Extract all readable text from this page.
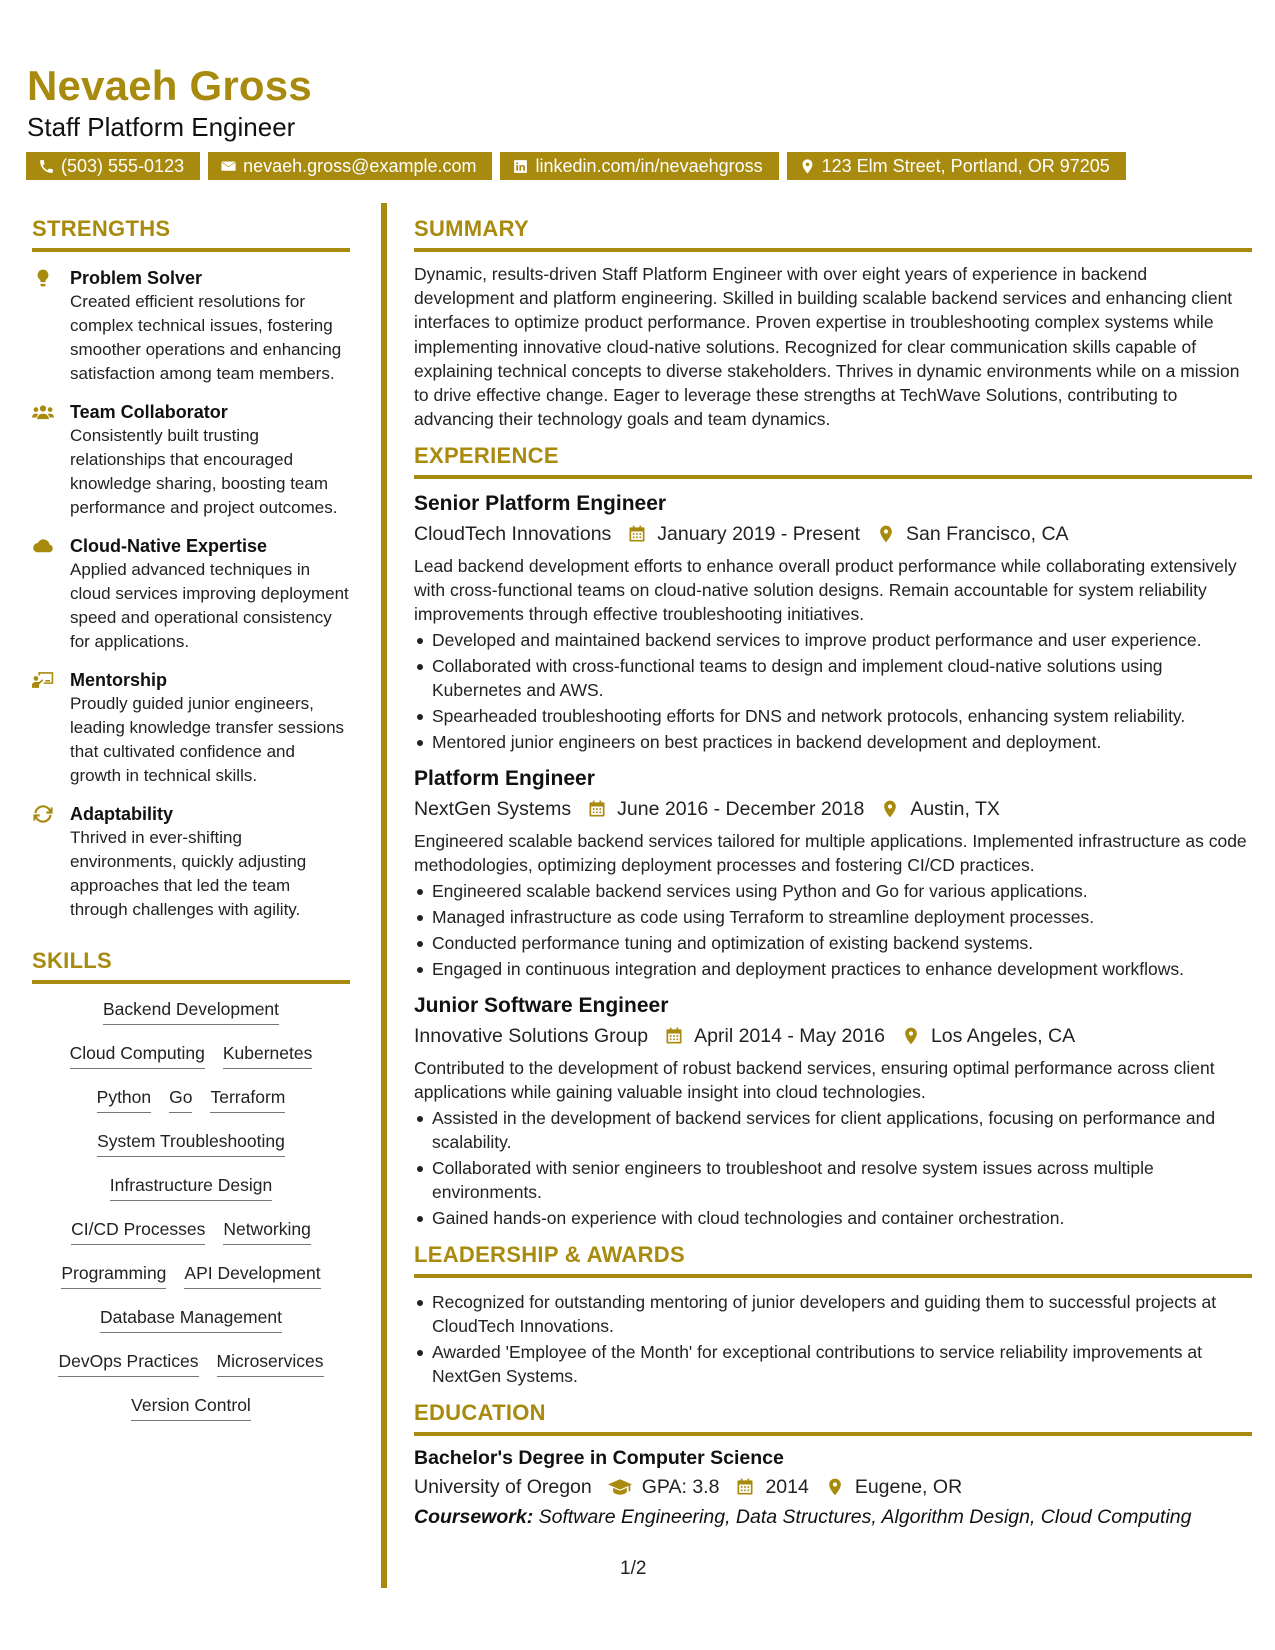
Nevaeh Gross
Staff Platform Engineer
(503) 555-0123	nevaeh.gross@example.com	linkedin.com/in/nevaehgross	123 Elm Street, Portland, OR 97205
STRENGTHS
Problem Solver
Created efficient resolutions for complex technical issues, fostering smoother operations and enhancing satisfaction among team members.
Team Collaborator
Consistently built trusting relationships that encouraged knowledge sharing, boosting team performance and project outcomes.
Cloud-Native Expertise
Applied advanced techniques in cloud services improving deployment speed and operational consistency for applications.
Mentorship
Proudly guided junior engineers, leading knowledge transfer sessions that cultivated confidence and growth in technical skills.
Adaptability
Thrived in ever-shifting environments, quickly adjusting approaches that led the team through challenges with agility.
SKILLS
Backend Development
Cloud Computing Kubernetes
Python Go Terraform
System Troubleshooting
Infrastructure Design
CI/CD Processes Networking
Programming API Development
Database Management
DevOps Practices Microservices
Version Control
SUMMARY
Dynamic, results-driven Staff Platform Engineer with over eight years of experience in backend development and platform engineering. Skilled in building scalable backend services and enhancing client interfaces to optimize product performance. Proven expertise in troubleshooting complex systems while implementing innovative cloud-native solutions. Recognized for clear communication skills capable of explaining technical concepts to diverse stakeholders. Thrives in dynamic environments while on a mission to drive effective change. Eager to leverage these strengths at TechWave Solutions, contributing to advancing their technology goals and team dynamics.
EXPERIENCE
Senior Platform Engineer
CloudTech Innovations January 2019 - Present San Francisco, CA
Lead backend development efforts to enhance overall product performance while collaborating extensively with cross-functional teams on cloud-native solution designs. Remain accountable for system reliability improvements through effective troubleshooting initiatives.
Developed and maintained backend services to improve product performance and user experience.
Collaborated with cross-functional teams to design and implement cloud-native solutions using Kubernetes and AWS.
Spearheaded troubleshooting efforts for DNS and network protocols, enhancing system reliability.
Mentored junior engineers on best practices in backend development and deployment.
Platform Engineer
NextGen Systems June 2016 - December 2018 Austin, TX
Engineered scalable backend services tailored for multiple applications. Implemented infrastructure as code methodologies, optimizing deployment processes and fostering CI/CD practices.
Engineered scalable backend services using Python and Go for various applications.
Managed infrastructure as code using Terraform to streamline deployment processes.
Conducted performance tuning and optimization of existing backend systems.
Engaged in continuous integration and deployment practices to enhance development workflows.
Junior Software Engineer
Innovative Solutions Group April 2014 - May 2016 Los Angeles, CA
Contributed to the development of robust backend services, ensuring optimal performance across client applications while gaining valuable insight into cloud technologies.
Assisted in the development of backend services for client applications, focusing on performance and scalability.
Collaborated with senior engineers to troubleshoot and resolve system issues across multiple environments.
Gained hands-on experience with cloud technologies and container orchestration.
LEADERSHIP & AWARDS
Recognized for outstanding mentoring of junior developers and guiding them to successful projects at CloudTech Innovations.
Awarded 'Employee of the Month' for exceptional contributions to service reliability improvements at NextGen Systems.
EDUCATION
Bachelor's Degree in Computer Science
University of Oregon	GPA: 3.8 2014 Eugene, OR
Coursework: Software Engineering, Data Structures, Algorithm Design, Cloud Computing
1/2
